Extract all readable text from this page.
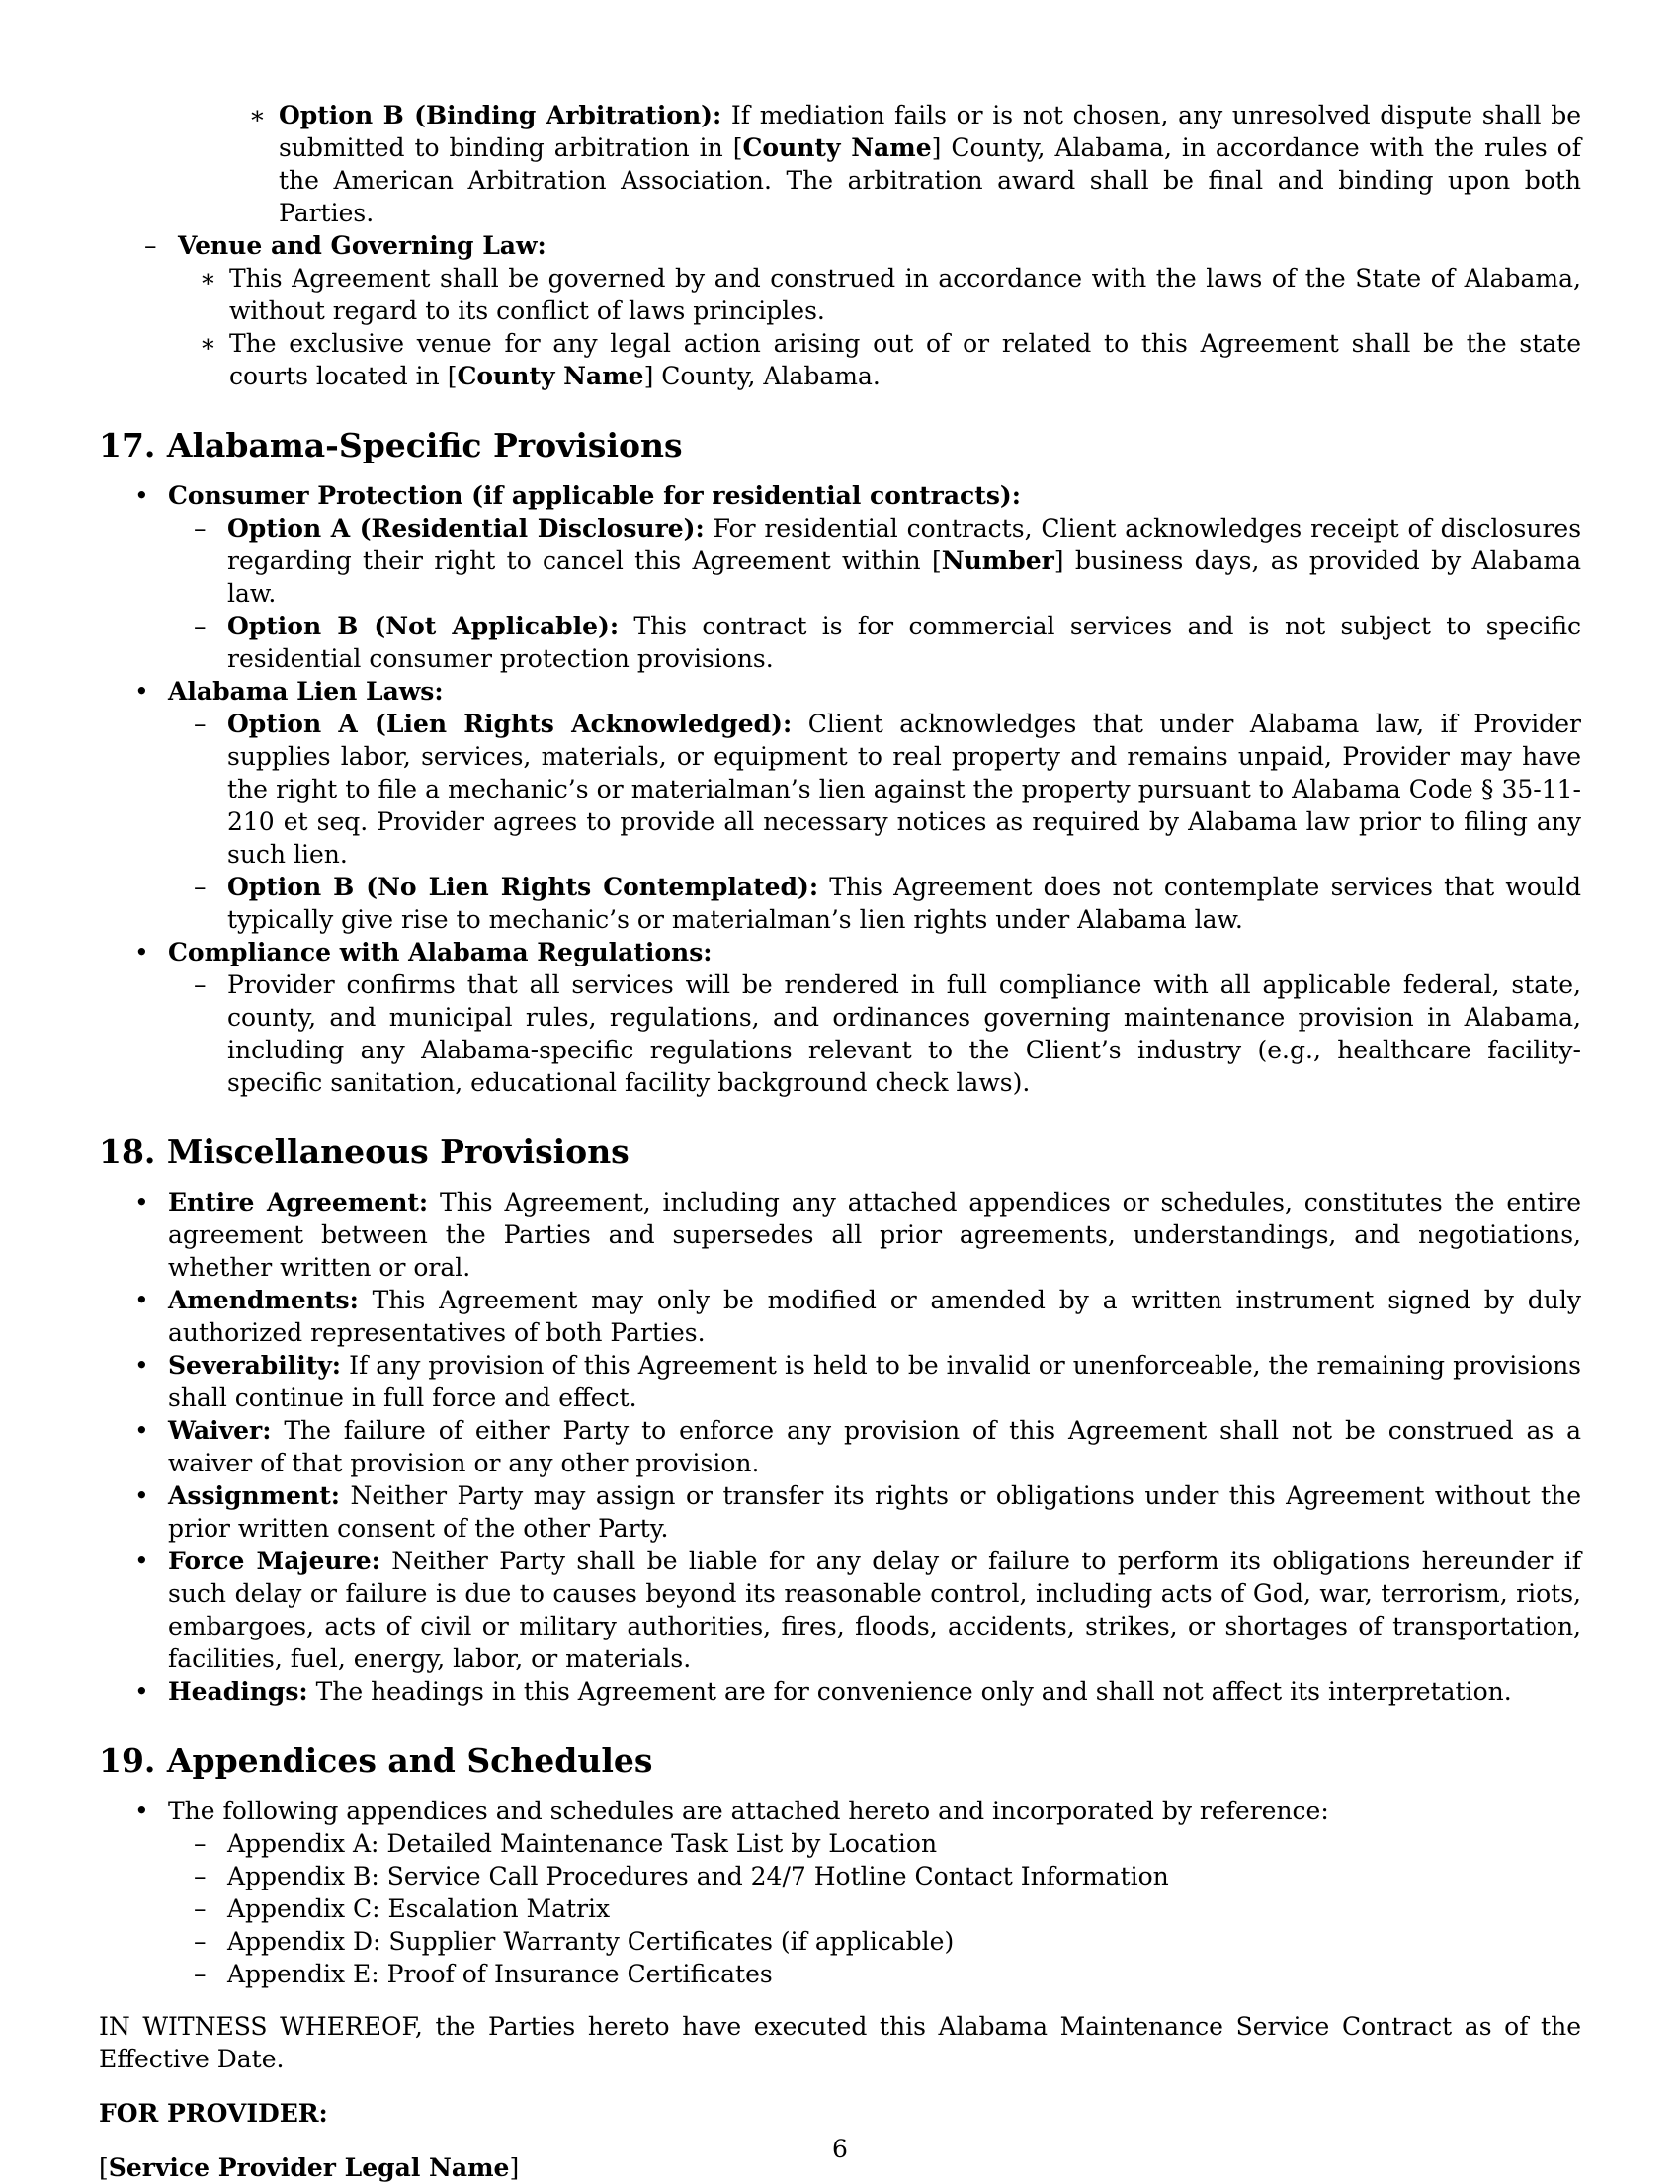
∗ Option B (Binding Arbitration): If mediation fails or is not chosen, any unresolved dispute shall be submitted to binding arbitration in [County Name] County, Alabama, in accordance with the rules of the American Arbitration Association. The arbitration award shall be final and binding upon both Parties.

– Venue and Governing Law:

∗ This Agreement shall be governed by and construed in accordance with the laws of the State of Alabama, without regard to its conflict of laws principles.

∗ The exclusive venue for any legal action arising out of or related to this Agreement shall be the state courts located in [County Name] County, Alabama.

17. Alabama-Specific Provisions
• Consumer Protection (if applicable for residential contracts):

– Option A (Residential Disclosure): For residential contracts, Client acknowledges receipt of disclosures regarding their right to cancel this Agreement within [Number] business days, as provided by Alabama law.

– Option B (Not Applicable): This contract is for commercial services and is not subject to specific residential consumer protection provisions.

• Alabama Lien Laws:

– Option A (Lien Rights Acknowledged): Client acknowledges that under Alabama law, if Provider supplies labor, services, materials, or equipment to real property and remains unpaid, Provider may have the right to file a mechanic’s or materialman’s lien against the property pursuant to Alabama Code § 35-11-210 et seq. Provider agrees to provide all necessary notices as required by Alabama law prior to filing any such lien.

– Option B (No Lien Rights Contemplated): This Agreement does not contemplate services that would typically give rise to mechanic’s or materialman’s lien rights under Alabama law.

• Compliance with Alabama Regulations:

– Provider confirms that all services will be rendered in full compliance with all applicable federal, state, county, and municipal rules, regulations, and ordinances governing maintenance provision in Alabama, including any Alabama-specific regulations relevant to the Client’s industry (e.g., healthcare facility-specific sanitation, educational facility background check laws).

18. Miscellaneous Provisions
• Entire Agreement: This Agreement, including any attached appendices or schedules, constitutes the entire agreement between the Parties and supersedes all prior agreements, understandings, and negotiations, whether written or oral.

• Amendments: This Agreement may only be modified or amended by a written instrument signed by duly authorized representatives of both Parties.

• Severability: If any provision of this Agreement is held to be invalid or unenforceable, the remaining provisions shall continue in full force and effect.

• Waiver: The failure of either Party to enforce any provision of this Agreement shall not be construed as a waiver of that provision or any other provision.

• Assignment: Neither Party may assign or transfer its rights or obligations under this Agreement without the prior written consent of the other Party.

• Force Majeure: Neither Party shall be liable for any delay or failure to perform its obligations hereunder if such delay or failure is due to causes beyond its reasonable control, including acts of God, war, terrorism, riots, embargoes, acts of civil or military authorities, fires, floods, accidents, strikes, or shortages of transportation, facilities, fuel, energy, labor, or materials.

• Headings: The headings in this Agreement are for convenience only and shall not affect its interpretation.

19. Appendices and Schedules
• The following appendices and schedules are attached hereto and incorporated by reference:

– Appendix A: Detailed Maintenance Task List by Location

– Appendix B: Service Call Procedures and 24/7 Hotline Contact Information

– Appendix C: Escalation Matrix

– Appendix D: Supplier Warranty Certificates (if applicable)

– Appendix E: Proof of Insurance Certificates

IN WITNESS WHEREOF, the Parties hereto have executed this Alabama Maintenance Service Contract as of the Effective Date.

FOR PROVIDER:

[Service Provider Legal Name]

6
